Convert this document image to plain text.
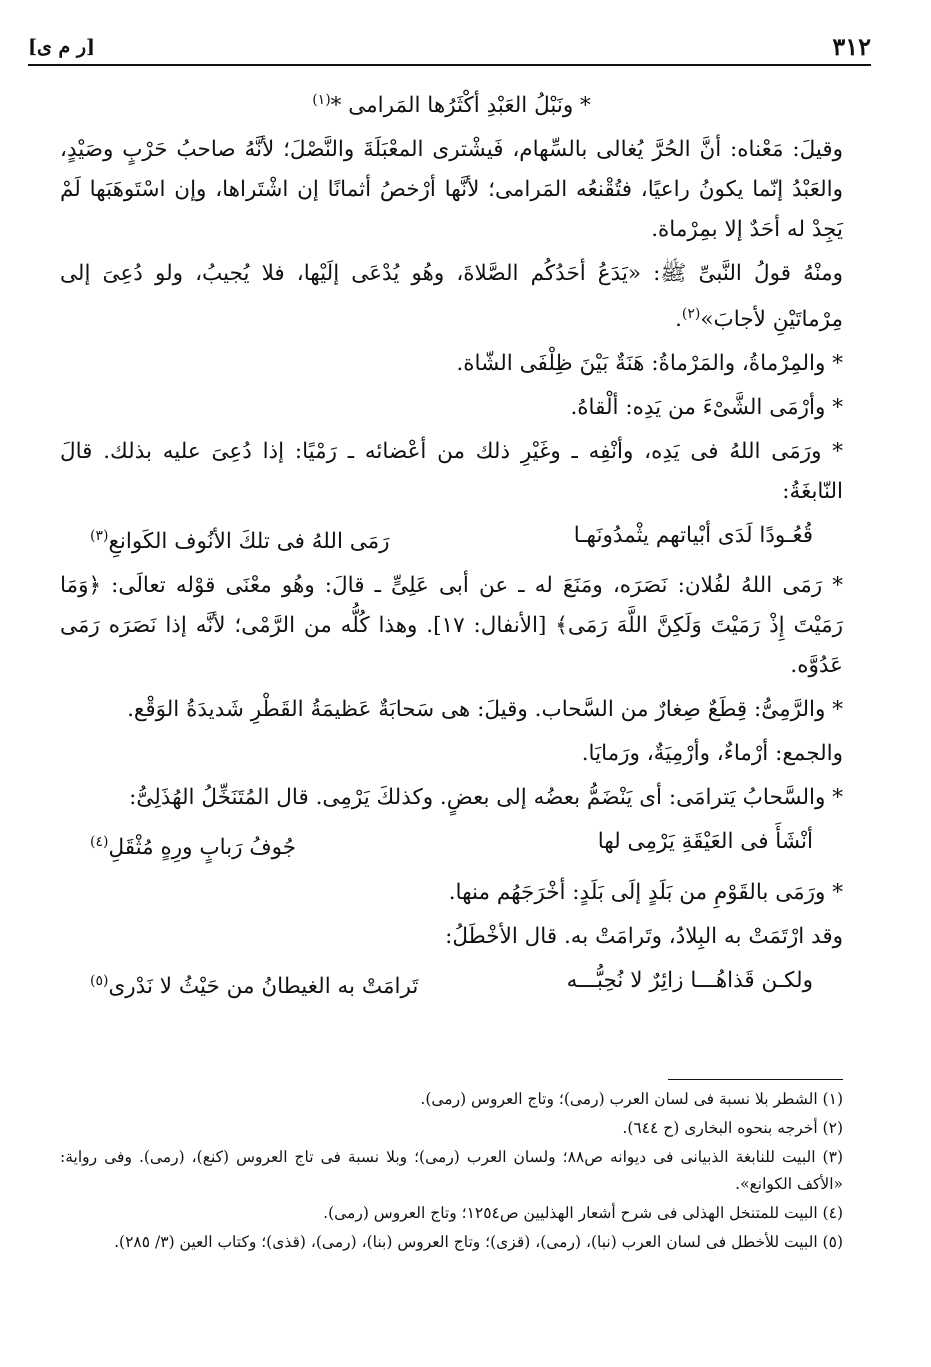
٣١٢
[ر م ى]

* ونَبْلُ العَبْدِ أكْثَرُها المَرامى *$^{(١)}$

وقيلَ: مَعْناه: أنَّ الحُرَّ يُغالى بالسِّهام، فَيشْترى المعْبَلَةَ والنَّصْلَ؛ لأنَّهُ صاحبُ حَرْبٍ وصَيْدٍ، والعَبْدُ إنّما يكونُ راعيًا، فتُقْنعُه المَرامى؛ لأنَّها أرْخصُ أثمانًا إن اشْتَراها، وإن اسْتَوهَبَها لَمْ يَجِدْ له أحَدٌ إلا بمِرْماة.

ومنْهُ قولُ النَّبىِّ ﷺ: «يَدَعُ أحَدُكُم الصَّلاةَ، وهُو يُدْعَى إلَيْها، فلا يُجيبُ، ولو دُعِىَ إلى مِرْماتَيْنِ لأجابَ»$^{(٢)}$.

* والمِرْماةُ، والمَرْماةُ: هَنَةٌ بَيْنَ ظِلْفَى الشّاة.

* وأرْمَى الشَّىْءَ من يَدِه: ألْقاهُ.

* ورَمَى اللهُ فى يَدِه، وأنْفِه ـ وغَيْرِ ذلك من أعْضائه ـ رَمْيًا: إذا دُعِىَ عليه بذلك. قالَ النّابغَةُ:

قُعُـودًا لَدَى أبْياتهم يثْمدُونَهـا
رَمَى اللهُ فى تلكَ الأنُوف الكَوانعِ$^{(٣)}$

* رَمَى اللهُ لفُلان: نَصَرَه، ومَنَعَ له ـ عن أبى عَلِىٍّ ـ قالَ: وهُو معْنَى قوْله تعالَى: ﴿وَمَا رَمَيْتَ إِذْ رَمَيْتَ وَلَكِنَّ اللَّهَ رَمَى﴾ [الأنفال: ١٧]. وهذا كُلُّه من الرَّمْى؛ لأنَّه إذا نَصَرَه رَمَى عَدُوَّه.

* والرَّمِىُّ: قِطَعٌ صِغارٌ من السَّحاب. وقيلَ: هى سَحابَةٌ عَظيمَةُ القَطْرِ شَديدَةُ الوَقْع.

والجمع: أرْماءٌ، وأرْمِيَةٌ، ورَمايَا.

* والسَّحابُ يَترامَى: أى يَنْضَمُّ بعضُه إلى بعضٍ. وكذلكَ يَرْمِى. قال المُتَنَخِّلُ الهُذَلِىُّ:

أنْشَأَ فى العَيْقَةِ يَرْمِى لها
جُوفُ رَبابٍ ورِهٍ مُثْقَلِ$^{(٤)}$

* ورَمَى بالقَوْمِ من بَلَدٍ إلَى بَلَدٍ: أخْرَجَهُم منها.

وقد ارْتَمَتْ به البِلادُ، وتَرامَتْ به. قال الأخْطَلُ:

ولكـن قَذاهُـــا زائِرٌ لا نُحِبُّـــه
تَرامَتْ به الغيطانُ من حَيْثُ لا نَدْرى$^{(٥)}$

(١) الشطر بلا نسبة فى لسان العرب (رمى)؛ وتاج العروس (رمى).

(٢) أخرجه بنحوه البخارى (ح ٦٤٤).

(٣) البيت للنابغة الذبيانى فى ديوانه ص٨٨؛ ولسان العرب (رمى)؛ وبلا نسبة فى تاج العروس (كنع)، (رمى). وفى رواية: «الأكف الكوانع».

(٤) البيت للمتنخل الهذلى فى شرح أشعار الهذليين ص١٢٥٤؛ وتاج العروس (رمى).

(٥) البيت للأخطل فى لسان العرب (نبا)، (رمى)، (قزى)؛ وتاج العروس (بنا)، (رمى)، (قذى)؛ وكتاب العين (٣/ ٢٨٥).
